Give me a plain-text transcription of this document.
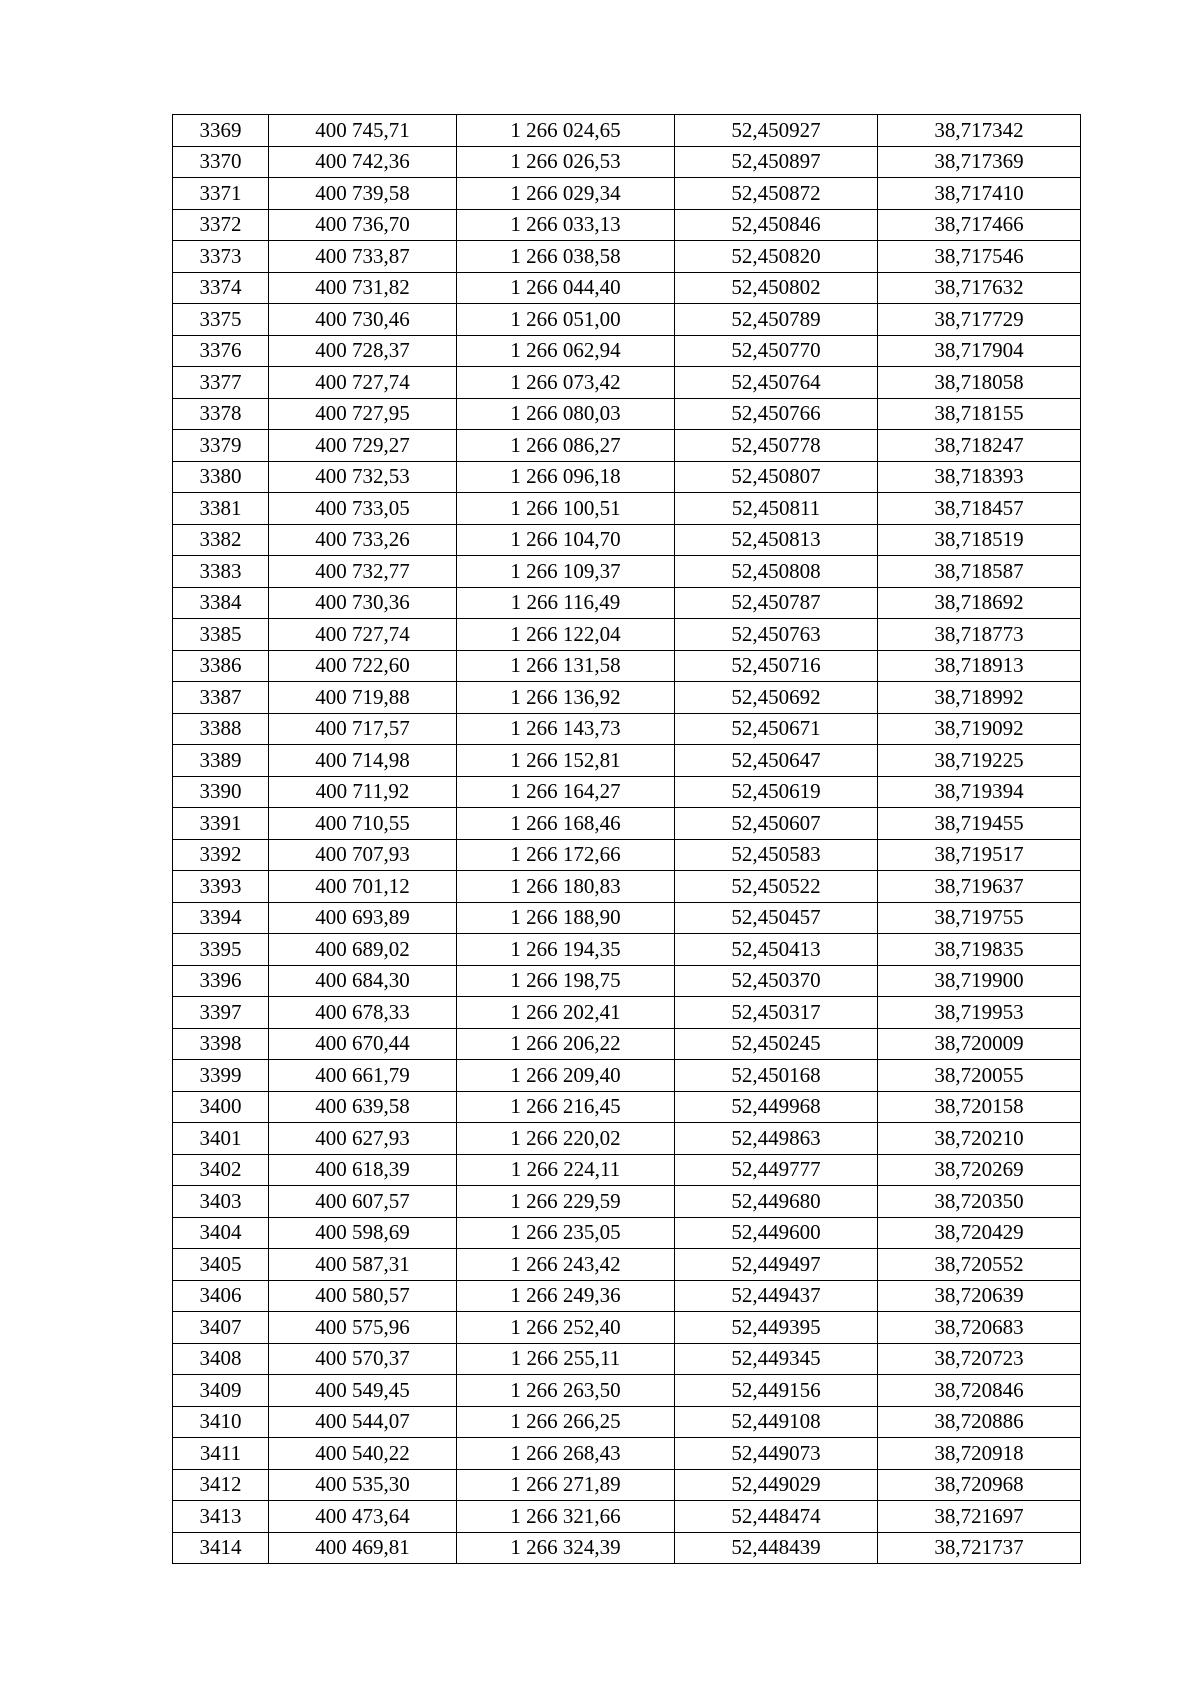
3369	400 745,71	1 266 024,65	52,450927	38,717342
3370	400 742,36	1 266 026,53	52,450897	38,717369
3371	400 739,58	1 266 029,34	52,450872	38,717410
3372	400 736,70	1 266 033,13	52,450846	38,717466
3373	400 733,87	1 266 038,58	52,450820	38,717546
3374	400 731,82	1 266 044,40	52,450802	38,717632
3375	400 730,46	1 266 051,00	52,450789	38,717729
3376	400 728,37	1 266 062,94	52,450770	38,717904
3377	400 727,74	1 266 073,42	52,450764	38,718058
3378	400 727,95	1 266 080,03	52,450766	38,718155
3379	400 729,27	1 266 086,27	52,450778	38,718247
3380	400 732,53	1 266 096,18	52,450807	38,718393
3381	400 733,05	1 266 100,51	52,450811	38,718457
3382	400 733,26	1 266 104,70	52,450813	38,718519
3383	400 732,77	1 266 109,37	52,450808	38,718587
3384	400 730,36	1 266 116,49	52,450787	38,718692
3385	400 727,74	1 266 122,04	52,450763	38,718773
3386	400 722,60	1 266 131,58	52,450716	38,718913
3387	400 719,88	1 266 136,92	52,450692	38,718992
3388	400 717,57	1 266 143,73	52,450671	38,719092
3389	400 714,98	1 266 152,81	52,450647	38,719225
3390	400 711,92	1 266 164,27	52,450619	38,719394
3391	400 710,55	1 266 168,46	52,450607	38,719455
3392	400 707,93	1 266 172,66	52,450583	38,719517
3393	400 701,12	1 266 180,83	52,450522	38,719637
3394	400 693,89	1 266 188,90	52,450457	38,719755
3395	400 689,02	1 266 194,35	52,450413	38,719835
3396	400 684,30	1 266 198,75	52,450370	38,719900
3397	400 678,33	1 266 202,41	52,450317	38,719953
3398	400 670,44	1 266 206,22	52,450245	38,720009
3399	400 661,79	1 266 209,40	52,450168	38,720055
3400	400 639,58	1 266 216,45	52,449968	38,720158
3401	400 627,93	1 266 220,02	52,449863	38,720210
3402	400 618,39	1 266 224,11	52,449777	38,720269
3403	400 607,57	1 266 229,59	52,449680	38,720350
3404	400 598,69	1 266 235,05	52,449600	38,720429
3405	400 587,31	1 266 243,42	52,449497	38,720552
3406	400 580,57	1 266 249,36	52,449437	38,720639
3407	400 575,96	1 266 252,40	52,449395	38,720683
3408	400 570,37	1 266 255,11	52,449345	38,720723
3409	400 549,45	1 266 263,50	52,449156	38,720846
3410	400 544,07	1 266 266,25	52,449108	38,720886
3411	400 540,22	1 266 268,43	52,449073	38,720918
3412	400 535,30	1 266 271,89	52,449029	38,720968
3413	400 473,64	1 266 321,66	52,448474	38,721697
3414	400 469,81	1 266 324,39	52,448439	38,721737
